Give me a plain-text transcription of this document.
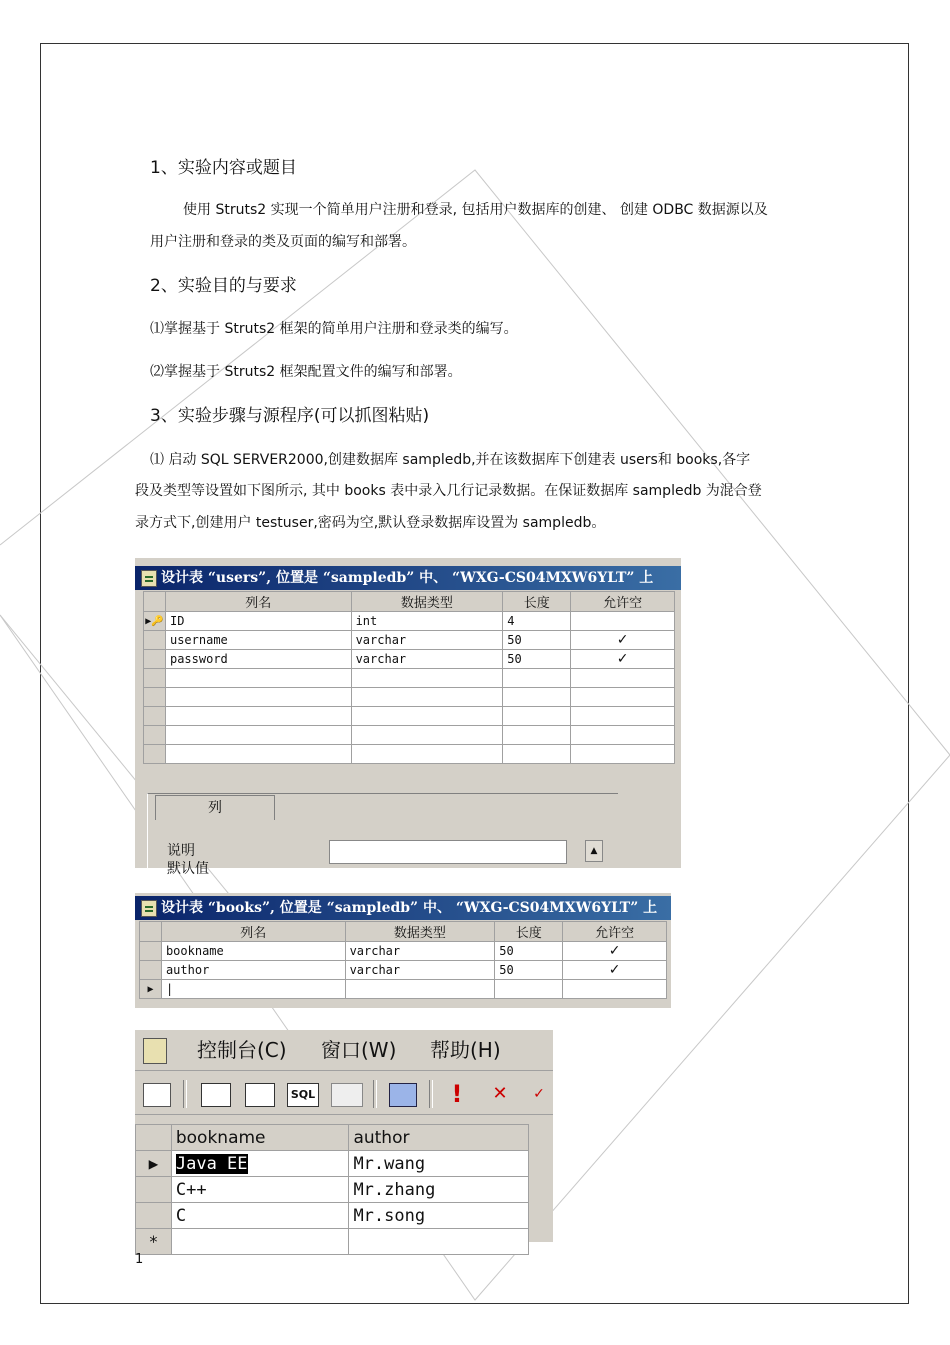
1、实验内容或题目
使用 Struts2 实现一个简单用户注册和登录, 包括用户数据库的创建、 创建 ODBC 数据源以及
用户注册和登录的类及页面的编写和部署。
2、实验目的与要求
⑴掌握基于 Struts2 框架的简单用户注册和登录类的编写。
⑵掌握基于 Struts2 框架配置文件的编写和部署。
3、实验步骤与源程序(可以抓图粘贴)
⑴ 启动 SQL SERVER2000,创建数据库 sampledb,并在该数据库下创建表 users和 books,各字
段及类型等设置如下图所示, 其中 books 表中录入几行记录数据。在保证数据库 sampledb 为混合登
录方式下,创建用户 testuser,密码为空,默认登录数据库设置为 sampledb。
设计表 “users”, 位置是 “sampledb” 中、 “WXG-CS04MXW6YLT” 上
	列名	数据类型	长度	允许空
▶🔑	ID	int	4	
	username	varchar	50	✓
	password	varchar	50	✓

列
说明
默认值
▲
设计表 “books”, 位置是 “sampledb” 中、 “WXG-CS04MXW6YLT” 上
	列名	数据类型	长度	允许空
	bookname	varchar	50	✓
	author	varchar	50	✓
▶	|			
控制台(C) 窗口(W) 帮助(H)
SQL	!	✕	✓
	bookname	author
▶	Java EE	Mr.wang
	C++	Mr.zhang
	C	Mr.song
*		
1
